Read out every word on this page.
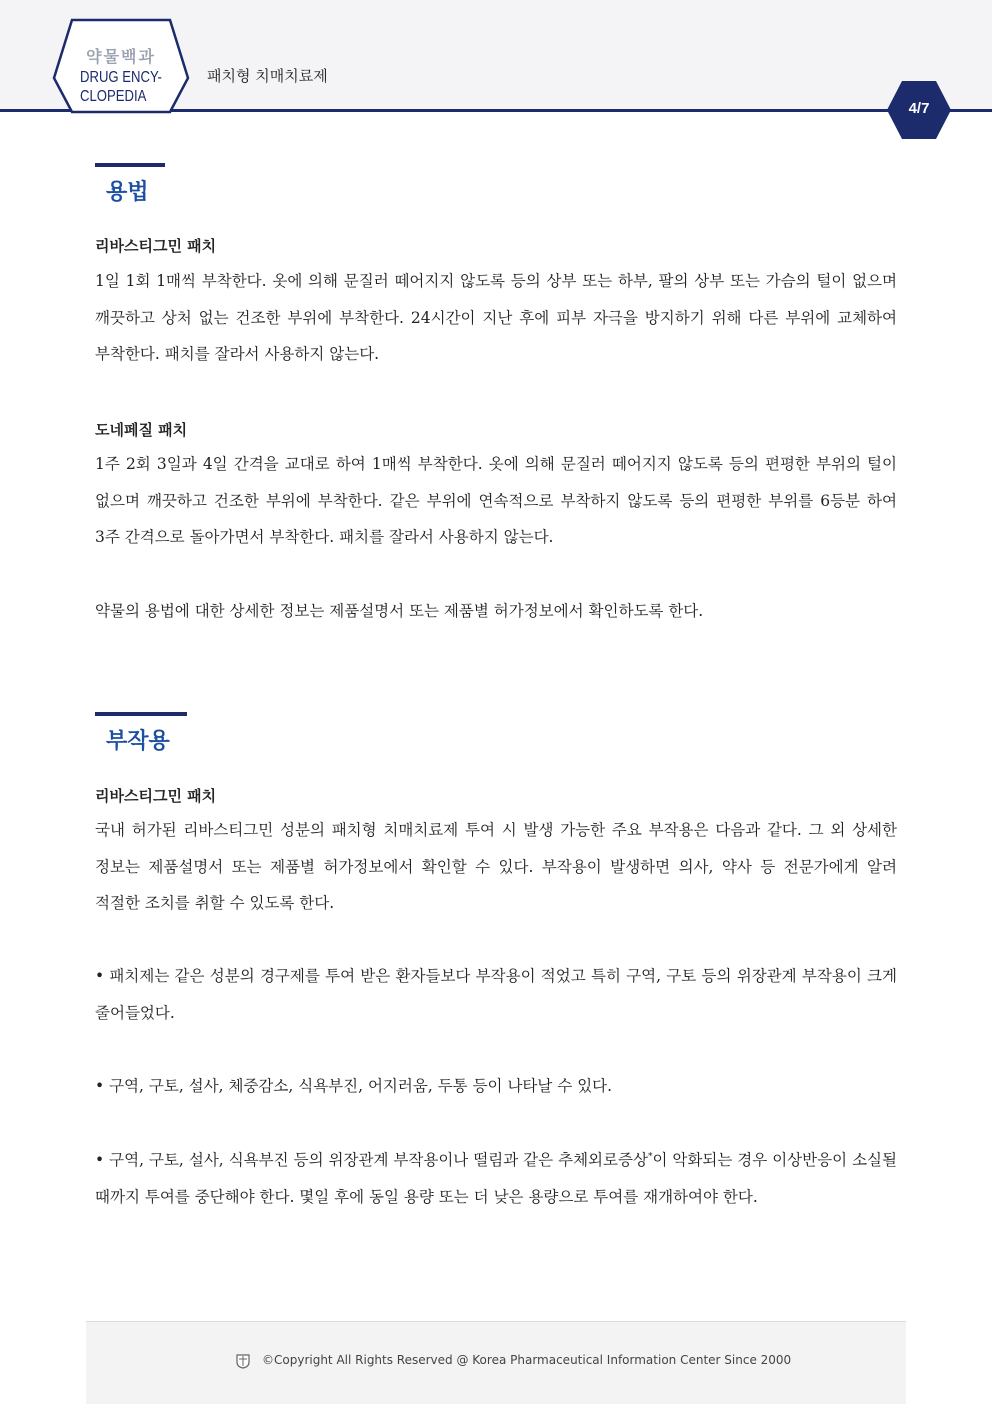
약물백과
DRUG ENCY-
CLOPEDIA
패치형 치매치료제
4/7
용법
리바스티그민 패치
1일 1회 1매씩 부착한다. 옷에 의해 문질러 떼어지지 않도록 등의 상부 또는 하부, 팔의 상부 또는 가슴의 털이 없으며 깨끗하고 상처 없는 건조한 부위에 부착한다. 24시간이 지난 후에 피부 자극을 방지하기 위해 다른 부위에 교체하여 부착한다. 패치를 잘라서 사용하지 않는다.
도네페질 패치
1주 2회 3일과 4일 간격을 교대로 하여 1매씩 부착한다. 옷에 의해 문질러 떼어지지 않도록 등의 편평한 부위의 털이 없으며 깨끗하고 건조한 부위에 부착한다. 같은 부위에 연속적으로 부착하지 않도록 등의 편평한 부위를 6등분 하여 3주 간격으로 돌아가면서 부착한다. 패치를 잘라서 사용하지 않는다.
약물의 용법에 대한 상세한 정보는 제품설명서 또는 제품별 허가정보에서 확인하도록 한다.
부작용
리바스티그민 패치
국내 허가된 리바스티그민 성분의 패치형 치매치료제 투여 시 발생 가능한 주요 부작용은 다음과 같다. 그 외 상세한 정보는 제품설명서 또는 제품별 허가정보에서 확인할 수 있다. 부작용이 발생하면 의사, 약사 등 전문가에게 알려 적절한 조치를 취할 수 있도록 한다.
• 패치제는 같은 성분의 경구제를 투여 받은 환자들보다 부작용이 적었고 특히 구역, 구토 등의 위장관계 부작용이 크게 줄어들었다.
• 구역, 구토, 설사, 체중감소, 식욕부진, 어지러움, 두통 등이 나타날 수 있다.
• 구역, 구토, 설사, 식욕부진 등의 위장관계 부작용이나 떨림과 같은 추체외로증상*이 악화되는 경우 이상반응이 소실될 때까지 투여를 중단해야 한다. 몇일 후에 동일 용량 또는 더 낮은 용량으로 투여를 재개하여야 한다.
©Copyright All Rights Reserved @ Korea Pharmaceutical Information Center Since 2000
